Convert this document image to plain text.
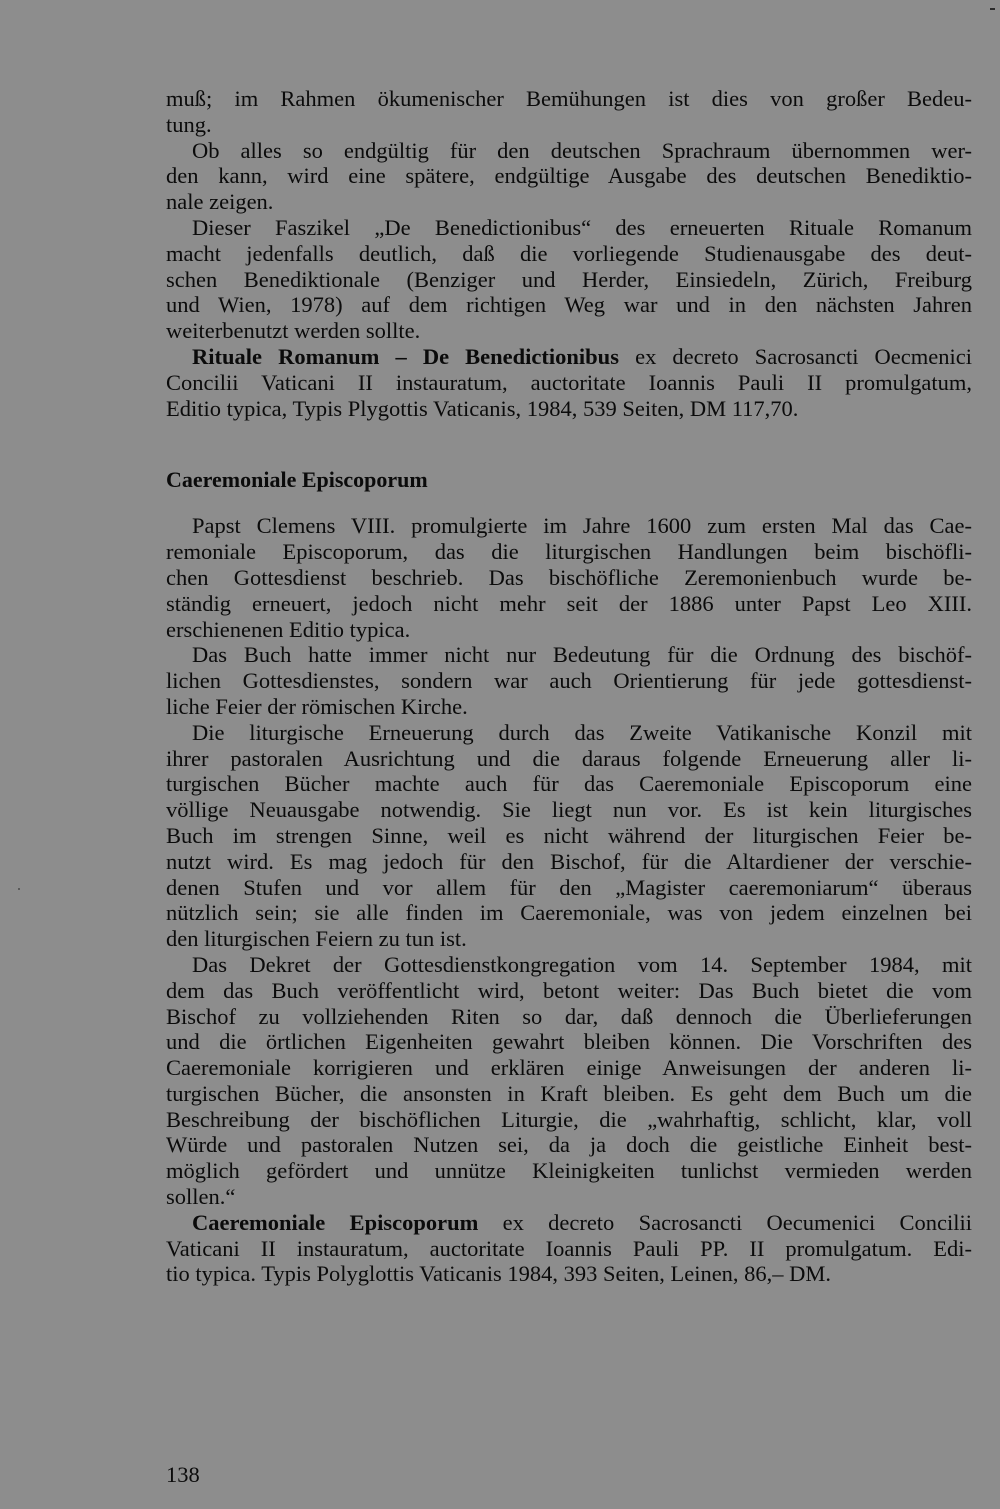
muß; im Rahmen ökumenischer Bemühungen ist dies von großer Bedeu-
tung.
Ob alles so endgültig für den deutschen Sprachraum übernommen wer-
den kann, wird eine spätere, endgültige Ausgabe des deutschen Benediktio-
nale zeigen.
Dieser Faszikel „De Benedictionibus“ des erneuerten Rituale Romanum
macht jedenfalls deutlich, daß die vorliegende Studienausgabe des deut-
schen Benediktionale (Benziger und Herder, Einsiedeln, Zürich, Freiburg
und Wien, 1978) auf dem richtigen Weg war und in den nächsten Jahren
weiterbenutzt werden sollte.
Rituale Romanum – De Benedictionibus ex decreto Sacrosancti Oecmenici
Concilii Vaticani II instauratum, auctoritate Ioannis Pauli II promulgatum,
Editio typica, Typis Plygottis Vaticanis, 1984, 539 Seiten, DM 117,70.
Caeremoniale Episcoporum
Papst Clemens VIII. promulgierte im Jahre 1600 zum ersten Mal das Cae-
remoniale Episcoporum, das die liturgischen Handlungen beim bischöfli-
chen Gottesdienst beschrieb. Das bischöfliche Zeremonienbuch wurde be-
ständig erneuert, jedoch nicht mehr seit der 1886 unter Papst Leo XIII.
erschienenen Editio typica.
Das Buch hatte immer nicht nur Bedeutung für die Ordnung des bischöf-
lichen Gottesdienstes, sondern war auch Orientierung für jede gottesdienst-
liche Feier der römischen Kirche.
Die liturgische Erneuerung durch das Zweite Vatikanische Konzil mit
ihrer pastoralen Ausrichtung und die daraus folgende Erneuerung aller li-
turgischen Bücher machte auch für das Caeremoniale Episcoporum eine
völlige Neuausgabe notwendig. Sie liegt nun vor. Es ist kein liturgisches
Buch im strengen Sinne, weil es nicht während der liturgischen Feier be-
nutzt wird. Es mag jedoch für den Bischof, für die Altardiener der verschie-
denen Stufen und vor allem für den „Magister caeremoniarum“ überaus
nützlich sein; sie alle finden im Caeremoniale, was von jedem einzelnen bei
den liturgischen Feiern zu tun ist.
Das Dekret der Gottesdienstkongregation vom 14. September 1984, mit
dem das Buch veröffentlicht wird, betont weiter: Das Buch bietet die vom
Bischof zu vollziehenden Riten so dar, daß dennoch die Überlieferungen
und die örtlichen Eigenheiten gewahrt bleiben können. Die Vorschriften des
Caeremoniale korrigieren und erklären einige Anweisungen der anderen li-
turgischen Bücher, die ansonsten in Kraft bleiben. Es geht dem Buch um die
Beschreibung der bischöflichen Liturgie, die „wahrhaftig, schlicht, klar, voll
Würde und pastoralen Nutzen sei, da ja doch die geistliche Einheit best-
möglich gefördert und unnütze Kleinigkeiten tunlichst vermieden werden
sollen.“
Caeremoniale Episcoporum ex decreto Sacrosancti Oecumenici Concilii
Vaticani II instauratum, auctoritate Ioannis Pauli PP. II promulgatum. Edi-
tio typica. Typis Polyglottis Vaticanis 1984, 393 Seiten, Leinen, 86,– DM.
138
